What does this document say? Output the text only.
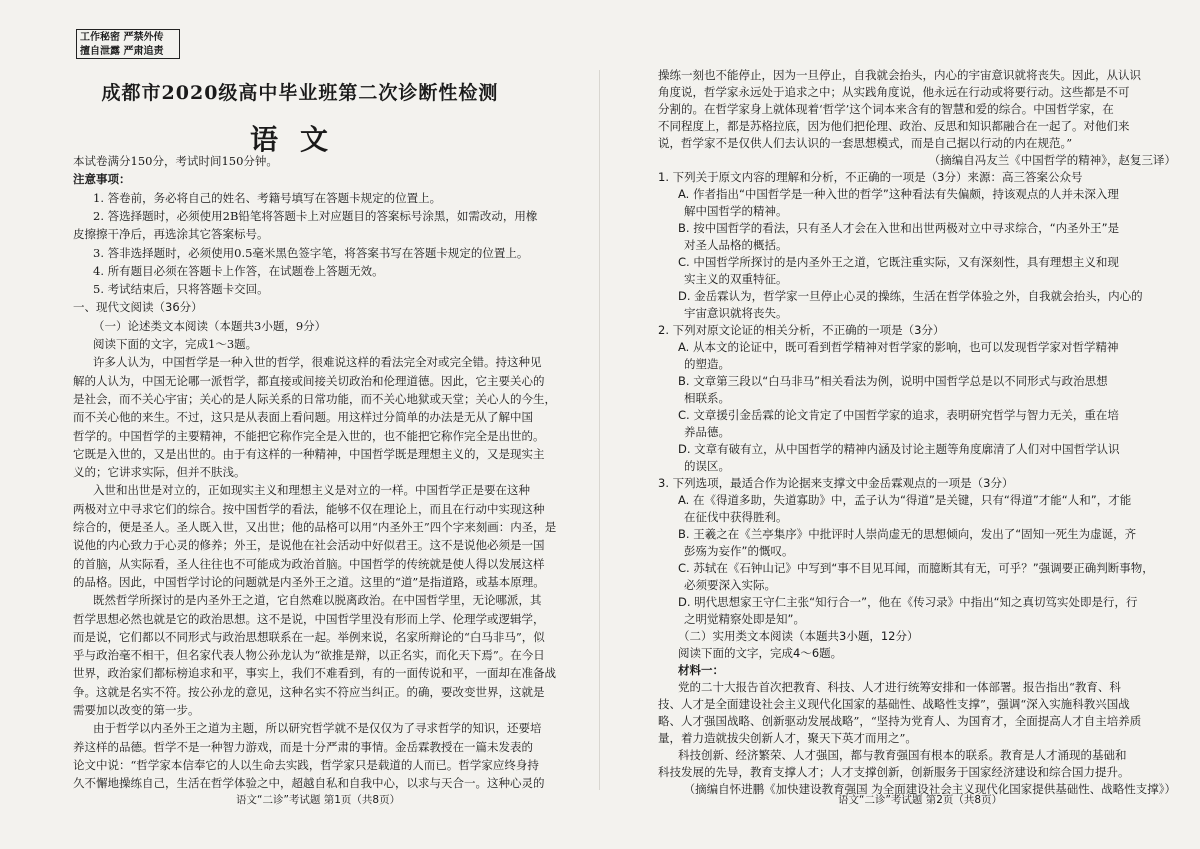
工作秘密 严禁外传
擅自泄露 严肃追责
成都市2020级高中毕业班第二次诊断性检测
语文
本试卷满分150分，考试时间150分钟。
注意事项：
1. 答卷前，务必将自己的姓名、考籍号填写在答题卡规定的位置上。
2. 答选择题时，必须使用2B铅笔将答题卡上对应题目的答案标号涂黑，如需改动，用橡
皮擦擦干净后，再选涂其它答案标号。
3. 答非选择题时，必须使用0.5毫米黑色签字笔，将答案书写在答题卡规定的位置上。
4. 所有题目必须在答题卡上作答，在试题卷上答题无效。
5. 考试结束后，只将答题卡交回。
一、现代文阅读（36分）
（一）论述类文本阅读（本题共3小题，9分）
阅读下面的文字，完成1～3题。
许多人认为，中国哲学是一种入世的哲学，很难说这样的看法完全对或完全错。持这种见
解的人认为，中国无论哪一派哲学，都直接或间接关切政治和伦理道德。因此，它主要关心的
是社会，而不关心宇宙；关心的是人际关系的日常功能，而不关心地狱或天堂；关心人的今生，
而不关心他的来生。不过，这只是从表面上看问题。用这样过分简单的办法是无从了解中国
哲学的。中国哲学的主要精神，不能把它称作完全是入世的，也不能把它称作完全是出世的。
它既是入世的，又是出世的。由于有这样的一种精神，中国哲学既是理想主义的，又是现实主
义的；它讲求实际，但并不肤浅。
入世和出世是对立的，正如现实主义和理想主义是对立的一样。中国哲学正是要在这种
两极对立中寻求它们的综合。按中国哲学的看法，能够不仅在理论上，而且在行动中实现这种
综合的，便是圣人。圣人既入世，又出世；他的品格可以用“内圣外王”四个字来刻画：内圣，是
说他的内心致力于心灵的修养；外王，是说他在社会活动中好似君王。这不是说他必须是一国
的首脑，从实际看，圣人往往也不可能成为政治首脑。中国哲学的传统就是使人得以发展这样
的品格。因此，中国哲学讨论的问题就是内圣外王之道。这里的“道”是指道路，或基本原理。
既然哲学所探讨的是内圣外王之道，它自然难以脱离政治。在中国哲学里，无论哪派，其
哲学思想必然也就是它的政治思想。这不是说，中国哲学里没有形而上学、伦理学或逻辑学，
而是说，它们都以不同形式与政治思想联系在一起。举例来说，名家所辩论的“白马非马”，似
乎与政治毫不相干，但名家代表人物公孙龙认为“欲推是辩，以正名实，而化天下焉”。在今日
世界，政治家们都标榜追求和平，事实上，我们不难看到，有的一面传说和平，一面却在准备战
争。这就是名实不符。按公孙龙的意见，这种名实不符应当纠正。的确，要改变世界，这就是
需要加以改变的第一步。
由于哲学以内圣外王之道为主题，所以研究哲学就不是仅仅为了寻求哲学的知识，还要培
养这样的品德。哲学不是一种智力游戏，而是十分严肃的事情。金岳霖教授在一篇未发表的
论文中说：“哲学家本信奉它的人以生命去实践，哲学家只是载道的人而已。哲学家应终身持
久不懈地操练自己，生活在哲学体验之中，超越自私和自我中心，以求与天合一。这种心灵的
语文“二诊”考试题 第1页（共8页）
操练一刻也不能停止，因为一旦停止，自我就会抬头，内心的宇宙意识就将丧失。因此，从认识
角度说，哲学家永远处于追求之中；从实践角度说，他永远在行动或将要行动。这些都是不可
分割的。在哲学家身上就体现着‘哲学’这个词本来含有的智慧和爱的综合。中国哲学家，在
不同程度上，都是苏格拉底，因为他们把伦理、政治、反思和知识都融合在一起了。对他们来
说，哲学家不是仅供人们去认识的一套思想模式，而是自己据以行动的内在规范。”
（摘编自冯友兰《中国哲学的精神》，赵复三译）
1. 下列关于原文内容的理解和分析，不正确的一项是（3分）来源：高三答案公众号
A. 作者指出“中国哲学是一种入世的哲学”这种看法有失偏颇，持该观点的人并未深入理
解中国哲学的精神。
B. 按中国哲学的看法，只有圣人才会在入世和出世两极对立中寻求综合，“内圣外王”是
对圣人品格的概括。
C. 中国哲学所探讨的是内圣外王之道，它既注重实际，又有深刻性，具有理想主义和现
实主义的双重特征。
D. 金岳霖认为，哲学家一旦停止心灵的操练，生活在哲学体验之外，自我就会抬头，内心的
宇宙意识就将丧失。
2. 下列对原文论证的相关分析，不正确的一项是（3分）
A. 从本文的论证中，既可看到哲学精神对哲学家的影响，也可以发现哲学家对哲学精神
的塑造。
B. 文章第三段以“白马非马”相关看法为例，说明中国哲学总是以不同形式与政治思想
相联系。
C. 文章援引金岳霖的论文肯定了中国哲学家的追求，表明研究哲学与智力无关，重在培
养品德。
D. 文章有破有立，从中国哲学的精神内涵及讨论主题等角度廓清了人们对中国哲学认识
的误区。
3. 下列选项，最适合作为论据来支撑文中金岳霖观点的一项是（3分）
A. 在《得道多助，失道寡助》中，孟子认为“得道”是关键，只有“得道”才能“人和”，才能
在征伐中获得胜利。
B. 王羲之在《兰亭集序》中批评时人崇尚虚无的思想倾向，发出了“固知一死生为虚诞，齐
彭殇为妄作”的慨叹。
C. 苏轼在《石钟山记》中写到“事不目见耳闻，而臆断其有无，可乎？”强调要正确判断事物，
必须要深入实际。
D. 明代思想家王守仁主张“知行合一”，他在《传习录》中指出“知之真切笃实处即是行，行
之明觉精察处即是知”。
（二）实用类文本阅读（本题共3小题，12分）
阅读下面的文字，完成4～6题。
材料一：
党的二十大报告首次把教育、科技、人才进行统筹安排和一体部署。报告指出“教育、科
技、人才是全面建设社会主义现代化国家的基础性、战略性支撑”，强调“深入实施科教兴国战
略、人才强国战略、创新驱动发展战略”，“坚持为党育人、为国育才，全面提高人才自主培养质
量，着力造就拔尖创新人才，聚天下英才而用之”。
科技创新、经济繁荣、人才强国，都与教育强国有根本的联系。教育是人才涌现的基础和
科技发展的先导，教育支撑人才；人才支撑创新，创新服务于国家经济建设和综合国力提升。
（摘编自怀进鹏《加快建设教育强国 为全面建设社会主义现代化国家提供基础性、战略性支撑》）
语文“二诊”考试题 第2页（共8页）
